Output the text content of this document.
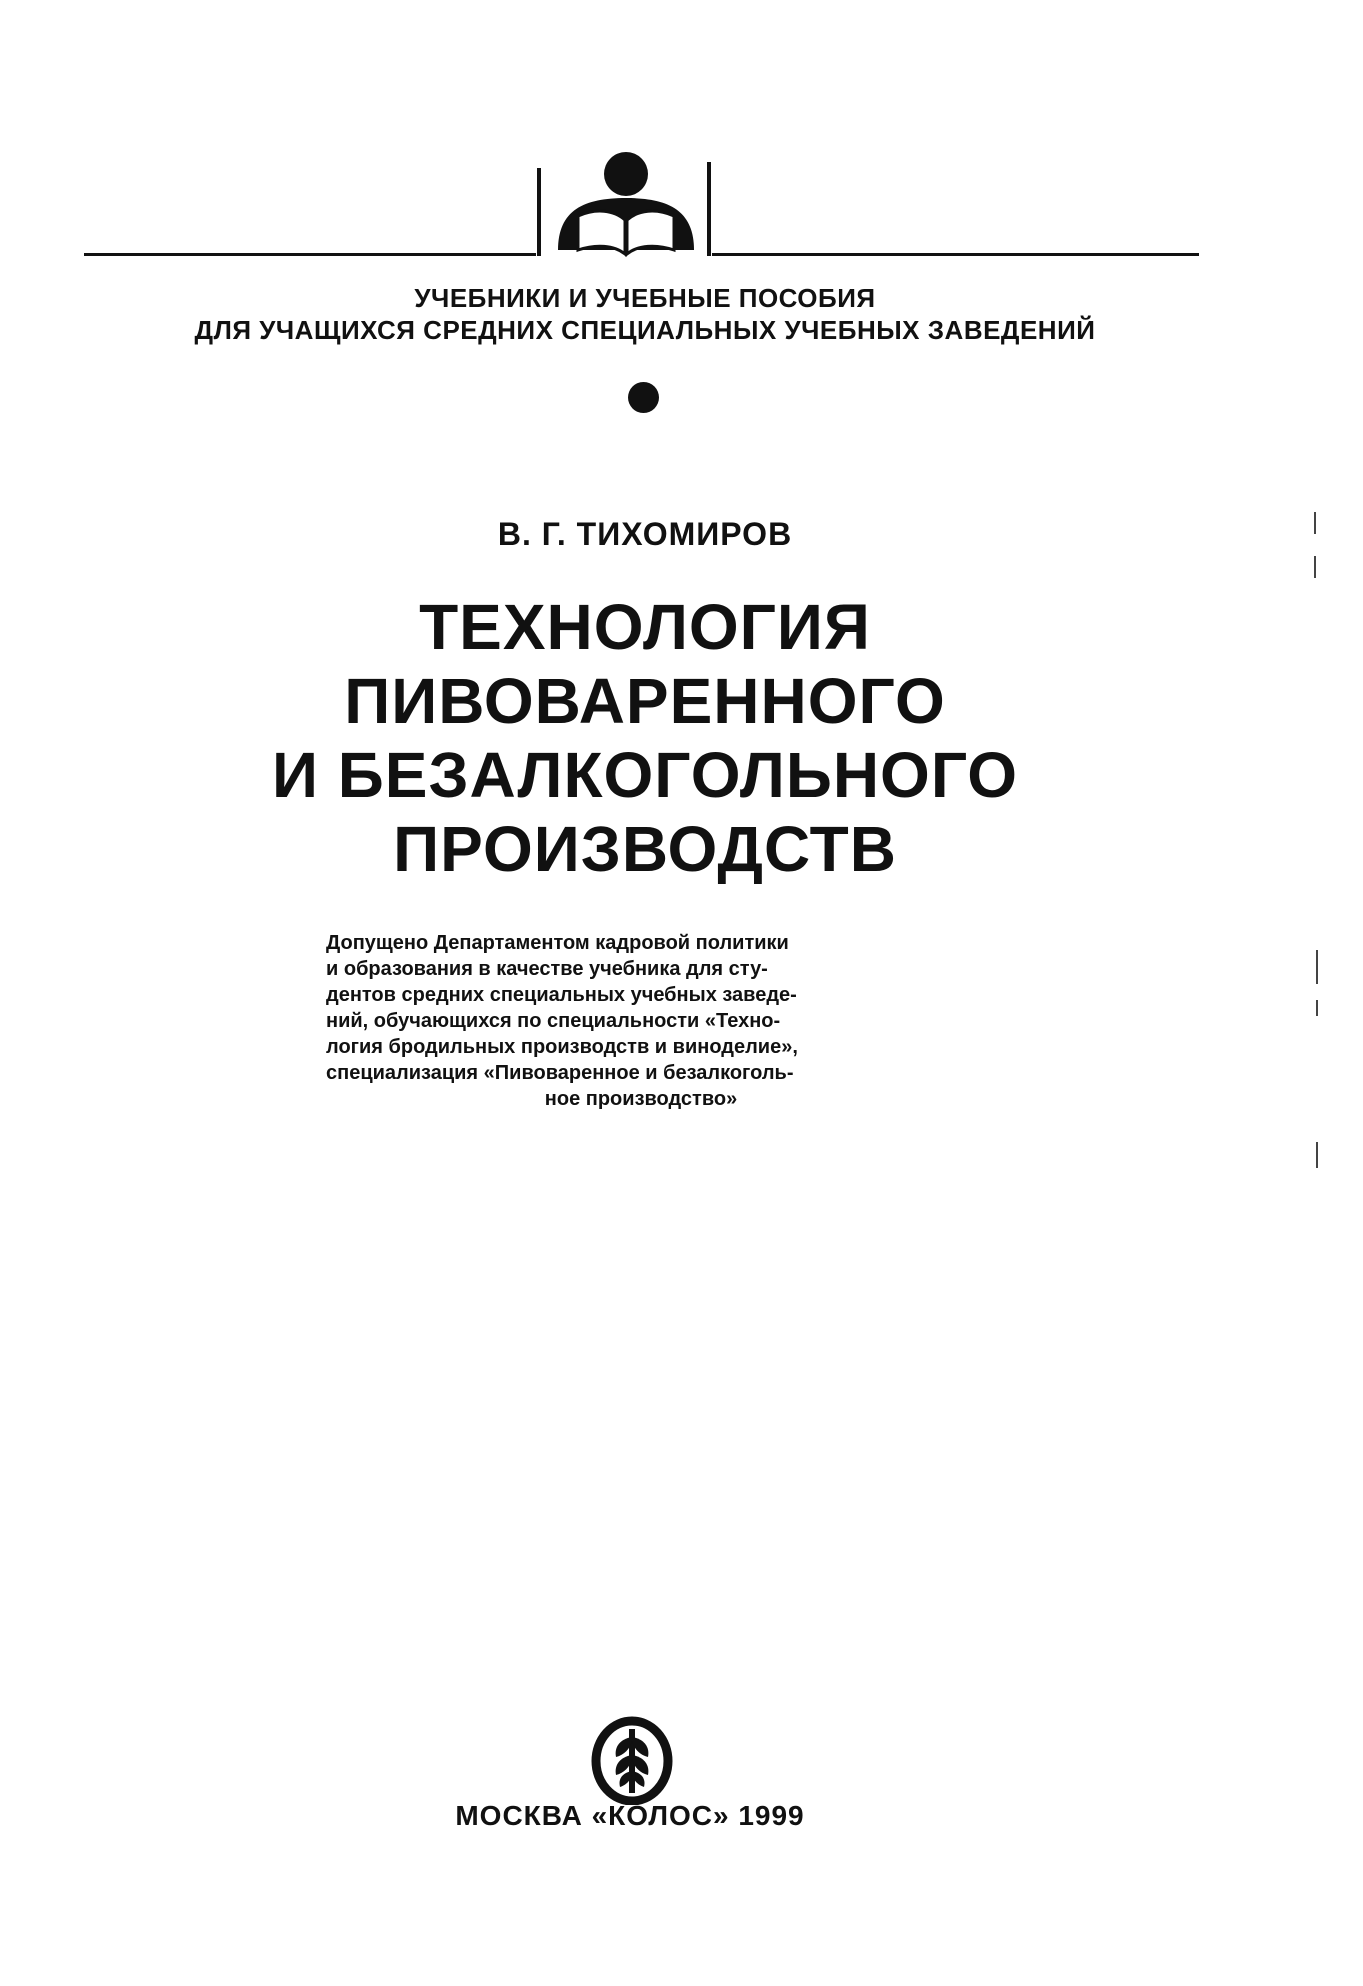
УЧЕБНИКИ И УЧЕБНЫЕ ПОСОБИЯ
ДЛЯ УЧАЩИХСЯ СРЕДНИХ СПЕЦИАЛЬНЫХ УЧЕБНЫХ ЗАВЕДЕНИЙ
В. Г. ТИХОМИРОВ
ТЕХНОЛОГИЯ
ПИВОВАРЕННОГО
И БЕЗАЛКОГОЛЬНОГО
ПРОИЗВОДСТВ
Допущено Департаментом кадровой политики
и образования в качестве учебника для сту-
дентов средних специальных учебных заведе-
ний, обучающихся по специальности «Техно-
логия бродильных производств и виноделие»,
специализация «Пивоваренное и безалкоголь-
ное производство»
МОСКВА «КОЛОС» 1999
